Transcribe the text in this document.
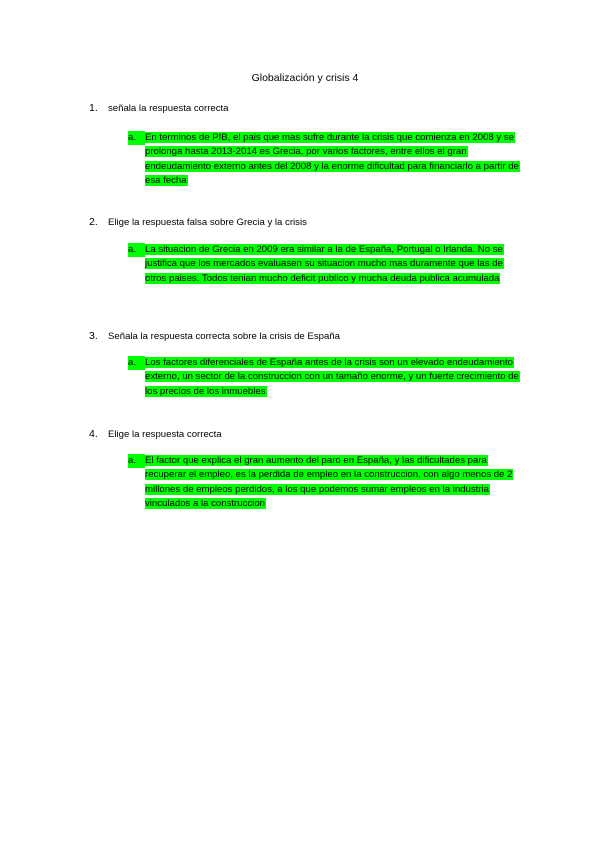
Globalización y crisis 4
1. señala la respuesta correcta
a. En terminos de PIB, el pais que mas sufre durante la crisis que comienza en 2008 y se prolonga hasta 2013-2014 es Grecia, por varios factores, entre ellos el gran endeudamiento externo antes del 2008 y la enorme dificultad para financiarlo a partir de esa fecha
2. Elige la respuesta falsa sobre Grecia y la crisis
a. La situacion de Grecia en 2009 era similar a la de España, Portugal o Irlanda. No se justifica que los mercados evaluasen su situacion mucho mas duramente que las de otros paises. Todos tenian mucho deficit publico y mucha deuda publica acumulada
3. Señala la respuesta correcta sobre la crisis de España
a. Los factores diferenciales de España antes de la crisis son un elevado endeudamiento externo, un sector de la construccion con un tamaño enorme, y un fuerte crecimiento de los precios de los inmuebles
4. Elige la respuesta correcta
a. El factor que explica el gran aumento del paro en España, y las dificultades para recuperar el empleo, es la perdida de empleo en la construccion, con algo menos de 2 millones de empleos perdidos, a los que podemos sumar empleos en la industria vinculados a la construccion
